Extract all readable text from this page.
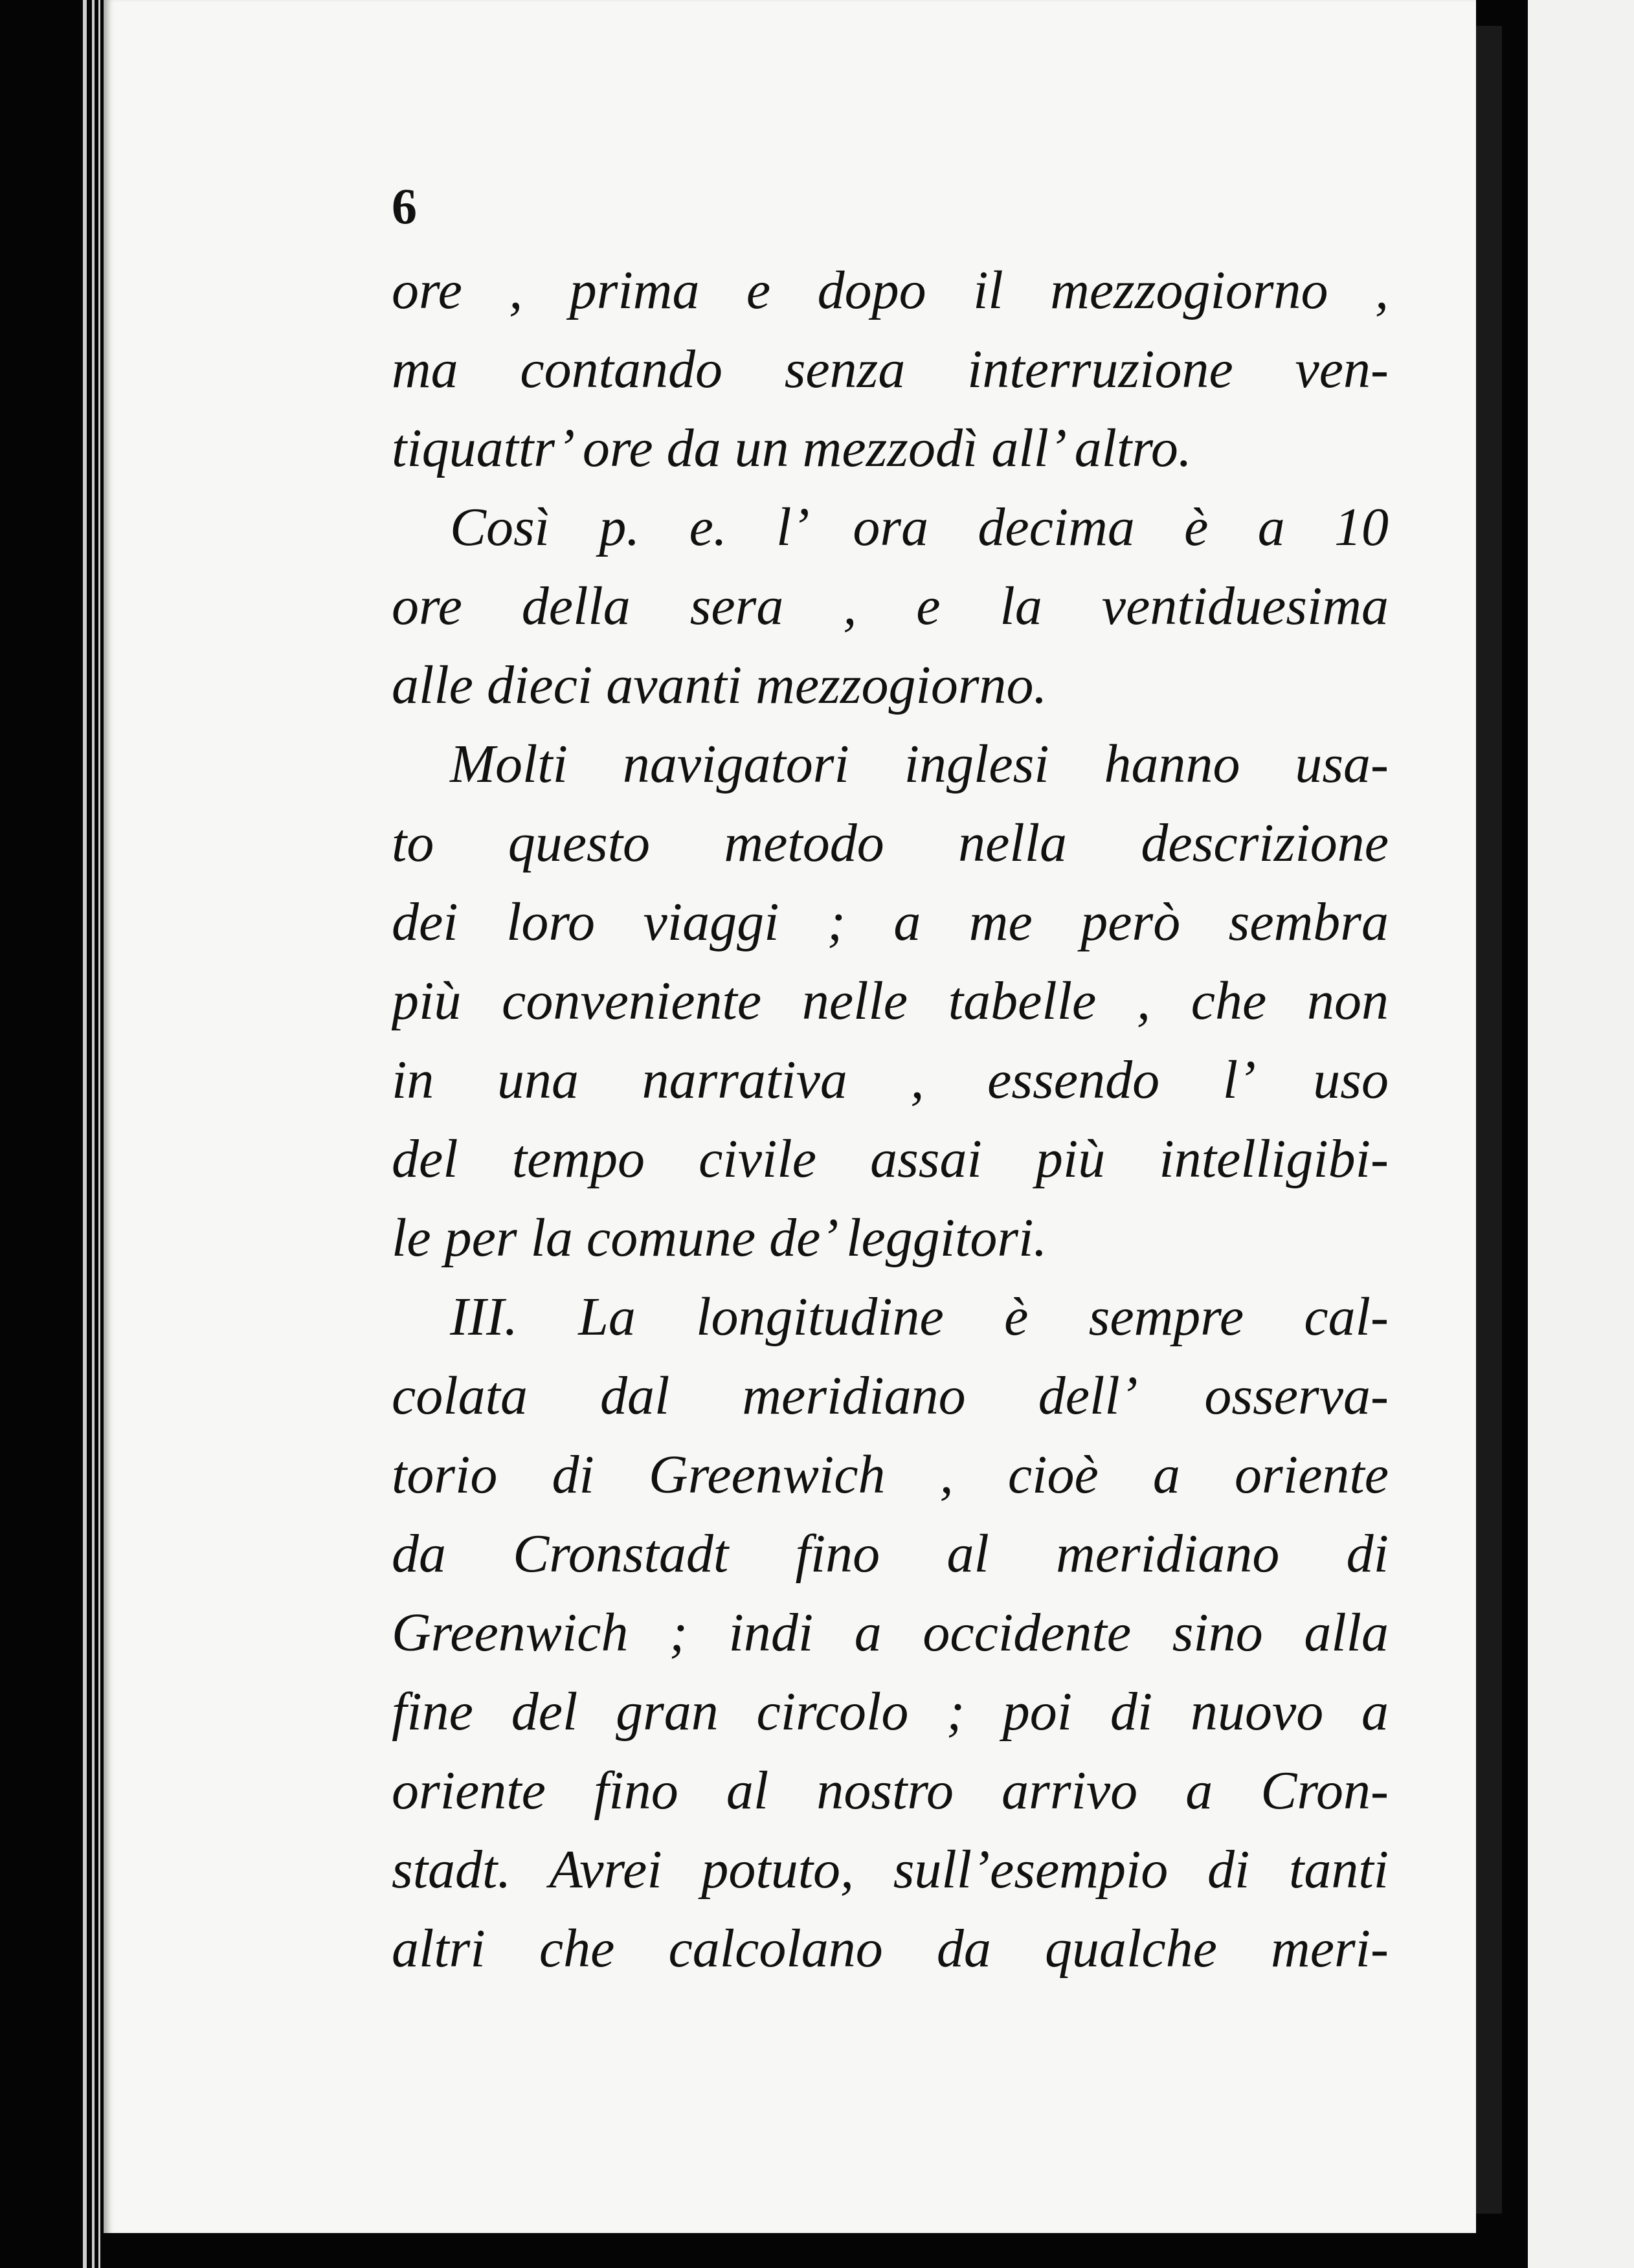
6
ore , prima e dopo il mezzogiorno ,
ma contando senza interruzione ven-
tiquattr’ ore da un mezzodì all’ altro.
Così p. e. l’ ora decima è a 10
ore della sera , e la ventiduesima
alle dieci avanti mezzogiorno.
Molti navigatori inglesi hanno usa-
to questo metodo nella descrizione
dei loro viaggi ; a me però sembra
più conveniente nelle tabelle , che non
in una narrativa , essendo l’ uso
del tempo civile assai più intelligibi-
le per la comune de’ leggitori.
III. La longitudine è sempre cal-
colata dal meridiano dell’ osserva-
torio di Greenwich , cioè a oriente
da Cronstadt fino al meridiano di
Greenwich ; indi a occidente sino alla
fine del gran circolo ; poi di nuovo a
oriente fino al nostro arrivo a Cron-
stadt. Avrei potuto, sull’esempio di tanti
altri che calcolano da qualche meri-
